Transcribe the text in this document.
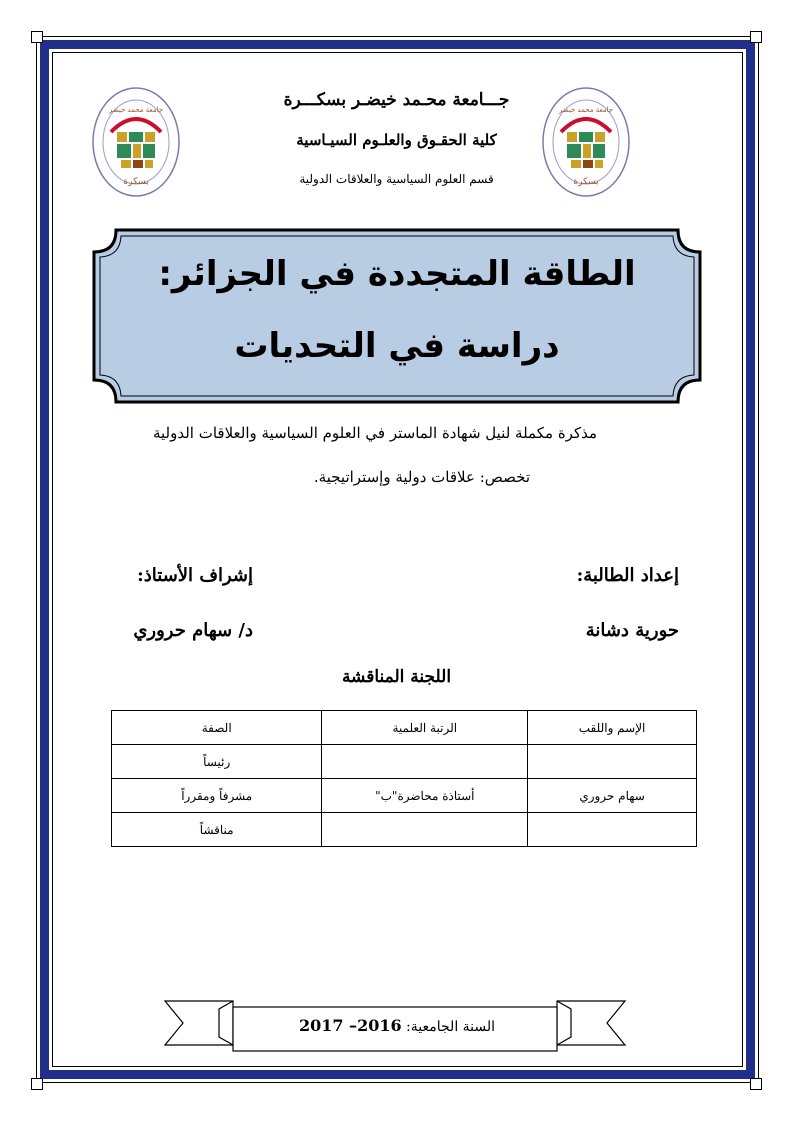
جامعة محمد خيضر
بسكرة
جامعة محمد خيضر
بسكرة
جـــامعة محـمد خيضـر بسكـــرة
كلية الحقـوق والعلـوم السيـاسية
قسم العلوم السياسية والعلاقات الدولية
الطاقة المتجددة في الجزائر:
دراسة في التحديات
مذكرة مكملة لنيل شهادة الماستر في العلوم السياسية والعلاقات الدولية
تخصص: علاقات دولية وإستراتيجية.
إعداد الطالبة:
إشراف الأستاذ:
حورية دشانة
د/ سهام حروري
اللجنة المناقشة
الإسم واللقب	الرتبة العلمية	الصفة
		رئيساً
سهام حروري	أستاذة محاضرة"ب"	مشرفاً ومقرراً
		مناقشاً
السنة الجامعية: 2016– 2017
